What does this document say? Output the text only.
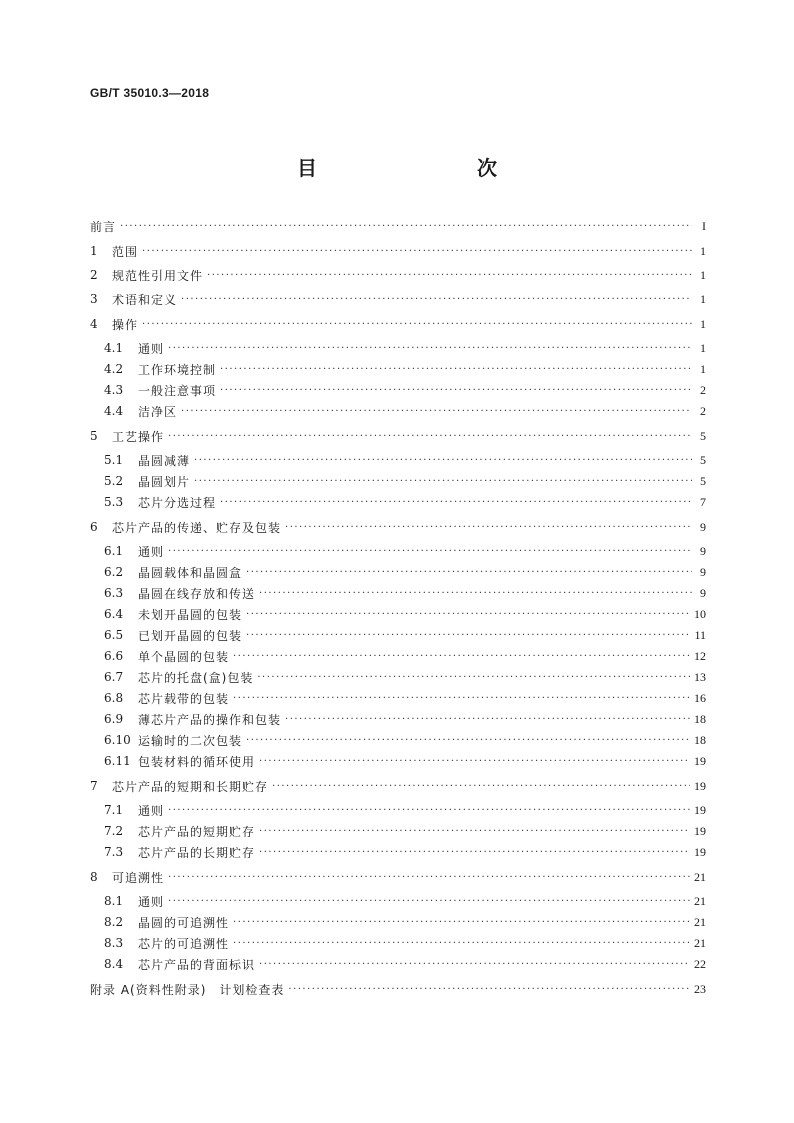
GB/T 35010.3—2018
目　　次
前言 ·····	I
1	范围 ·····	1
2	规范性引用文件 ·····	1
3	术语和定义 ·····	1
4	操作 ·····	1
4.1	通则 ·····	1
4.2	工作环境控制 ·····	1
4.3	一般注意事项 ·····	2
4.4	洁净区 ·····	2
5	工艺操作 ·····	5
5.1	晶圆减薄 ·····	5
5.2	晶圆划片 ·····	5
5.3	芯片分选过程 ·····	7
6	芯片产品的传递、贮存及包装 ·····	9
6.1	通则 ·····	9
6.2	晶圆载体和晶圆盒 ·····	9
6.3	晶圆在线存放和传送 ·····	9
6.4	未划开晶圆的包装 ·····	10
6.5	已划开晶圆的包装 ·····	11
6.6	单个晶圆的包装 ·····	12
6.7	芯片的托盘(盒)包装 ·····	13
6.8	芯片载带的包装 ·····	16
6.9	薄芯片产品的操作和包装 ·····	18
6.10 运输时的二次包装 ·····	18
6.11 包装材料的循环使用 ·····	19
7	芯片产品的短期和长期贮存 ·····	19
7.1	通则 ·····	19
7.2	芯片产品的短期贮存 ·····	19
7.3	芯片产品的长期贮存 ·····	19
8	可追溯性 ·····	21
8.1	通则 ·····	21
8.2	晶圆的可追溯性 ·····	21
8.3	芯片的可追溯性 ·····	21
8.4	芯片产品的背面标识 ·····	22
附录 A(资料性附录)　计划检查表 ·····	23
